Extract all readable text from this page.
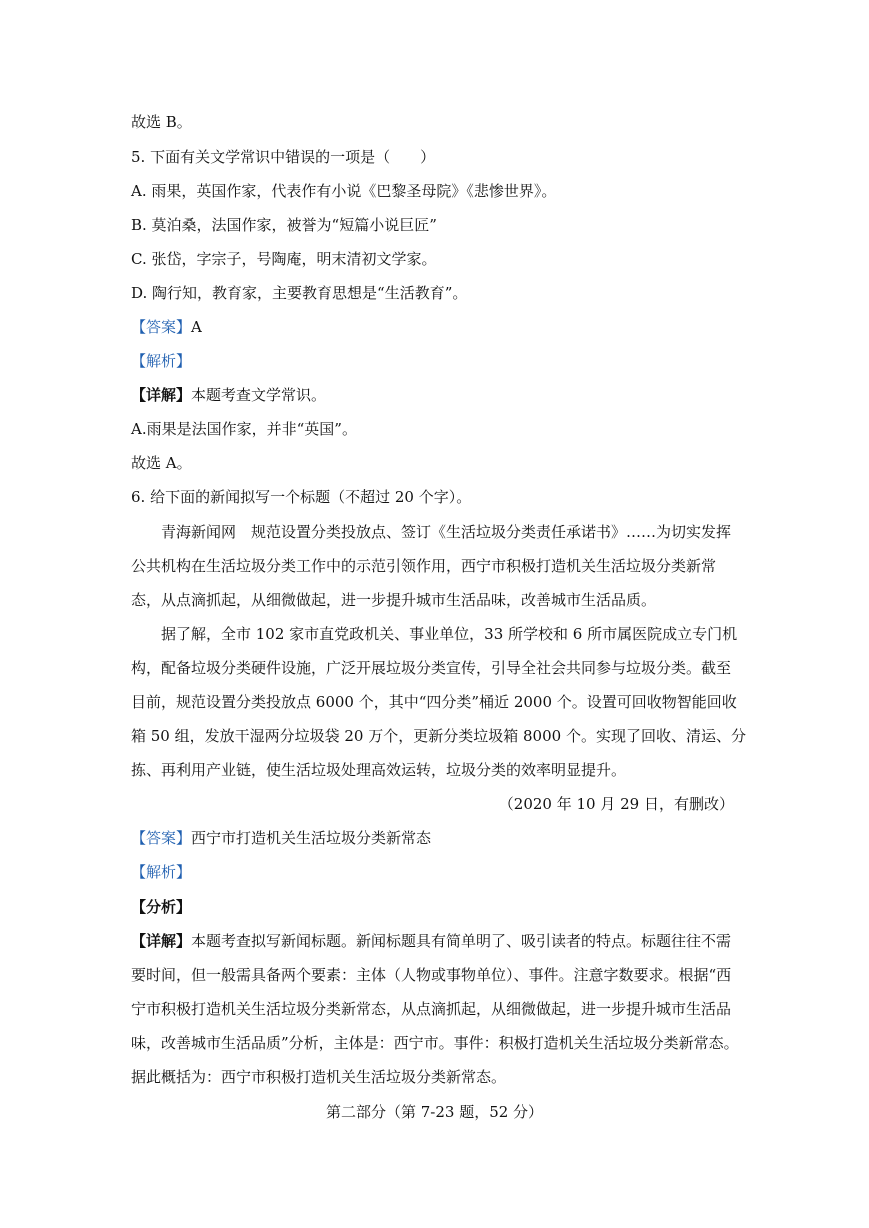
故选 B。
5. 下面有关文学常识中错误的一项是（　　）
A. 雨果，英国作家，代表作有小说《巴黎圣母院》《悲惨世界》。
B. 莫泊桑，法国作家，被誉为“短篇小说巨匠”
C. 张岱，字宗子，号陶庵，明末清初文学家。
D. 陶行知，教育家，主要教育思想是“生活教育”。
【答案】A
【解析】
【详解】本题考查文学常识。
A.雨果是法国作家，并非“英国”。
故选 A。
6. 给下面的新闻拟写一个标题（不超过 20 个字）。
青海新闻网　规范设置分类投放点、签订《生活垃圾分类责任承诺书》……为切实发挥
公共机构在生活垃圾分类工作中的示范引领作用，西宁市积极打造机关生活垃圾分类新常
态，从点滴抓起，从细微做起，进一步提升城市生活品味，改善城市生活品质。
据了解，全市 102 家市直党政机关、事业单位，33 所学校和 6 所市属医院成立专门机
构，配备垃圾分类硬件设施，广泛开展垃圾分类宣传，引导全社会共同参与垃圾分类。截至
目前，规范设置分类投放点 6000 个，其中“四分类”桶近 2000 个。设置可回收物智能回收
箱 50 组，发放干湿两分垃圾袋 20 万个，更新分类垃圾箱 8000 个。实现了回收、清运、分
拣、再利用产业链，使生活垃圾处理高效运转，垃圾分类的效率明显提升。
（2020 年 10 月 29 日，有删改）
【答案】西宁市打造机关生活垃圾分类新常态
【解析】
【分析】
【详解】本题考查拟写新闻标题。新闻标题具有简单明了、吸引读者的特点。标题往往不需
要时间，但一般需具备两个要素：主体（人物或事物单位）、事件。注意字数要求。根据“西
宁市积极打造机关生活垃圾分类新常态，从点滴抓起，从细微做起，进一步提升城市生活品
味，改善城市生活品质”分析，主体是：西宁市。事件：积极打造机关生活垃圾分类新常态。
据此概括为：西宁市积极打造机关生活垃圾分类新常态。
第二部分（第 7-23 题，52 分）
